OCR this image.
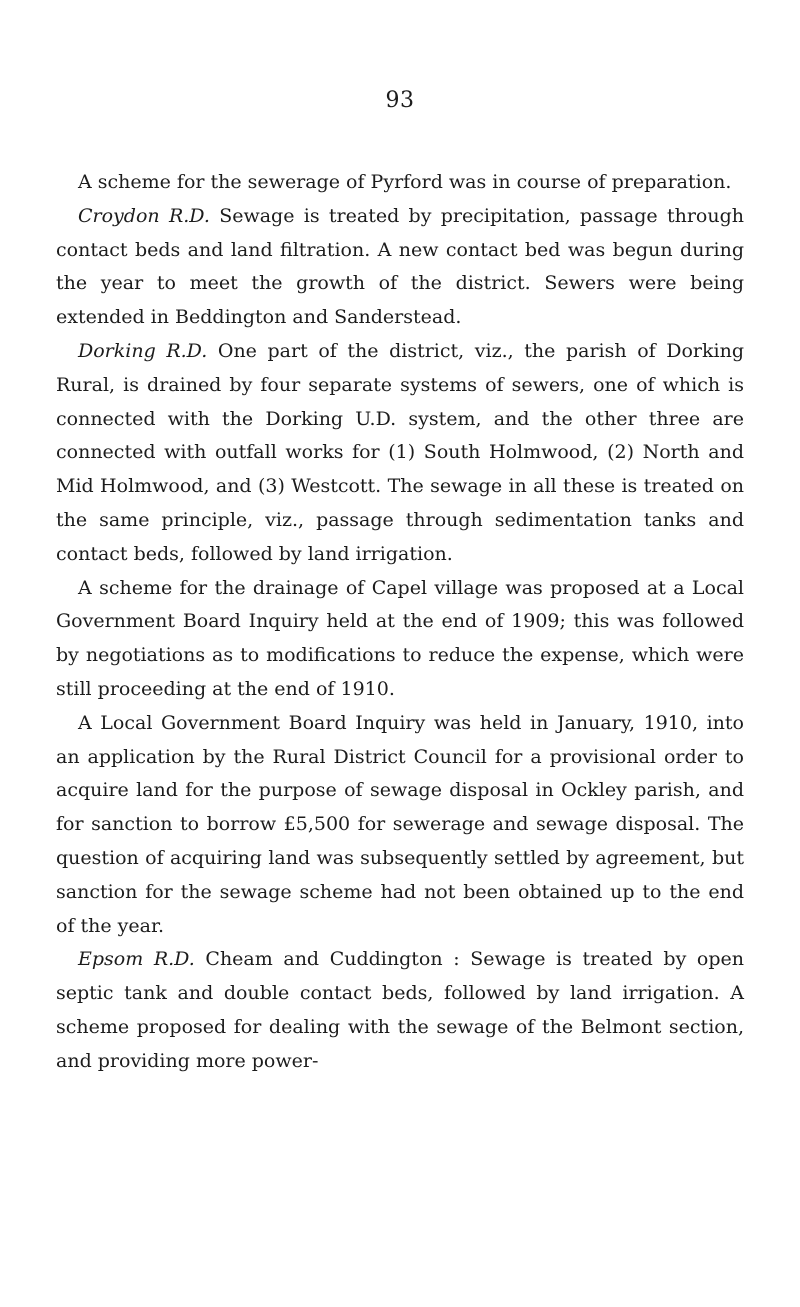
93

A scheme for the sewerage of Pyrford was in course of preparation.

Croydon R.D. Sewage is treated by precipitation, passage through contact beds and land filtration. A new contact bed was begun during the year to meet the growth of the district. Sewers were being extended in Beddington and Sanderstead.

Dorking R.D. One part of the district, viz., the parish of Dorking Rural, is drained by four separate systems of sewers, one of which is connected with the Dorking U.D. system, and the other three are connected with outfall works for (1) South Holmwood, (2) North and Mid Holmwood, and (3) Westcott. The sewage in all these is treated on the same principle, viz., passage through sedimentation tanks and contact beds, followed by land irrigation.

A scheme for the drainage of Capel village was proposed at a Local Government Board Inquiry held at the end of 1909; this was followed by negotiations as to modifications to reduce the expense, which were still proceeding at the end of 1910.

A Local Government Board Inquiry was held in January, 1910, into an application by the Rural District Council for a provisional order to acquire land for the purpose of sewage disposal in Ockley parish, and for sanction to borrow £5,500 for sewerage and sewage disposal. The question of acquiring land was subsequently settled by agreement, but sanction for the sewage scheme had not been obtained up to the end of the year.

Epsom R.D. Cheam and Cuddington : Sewage is treated by open septic tank and double contact beds, followed by land irrigation. A scheme proposed for dealing with the sewage of the Belmont section, and providing more power-
